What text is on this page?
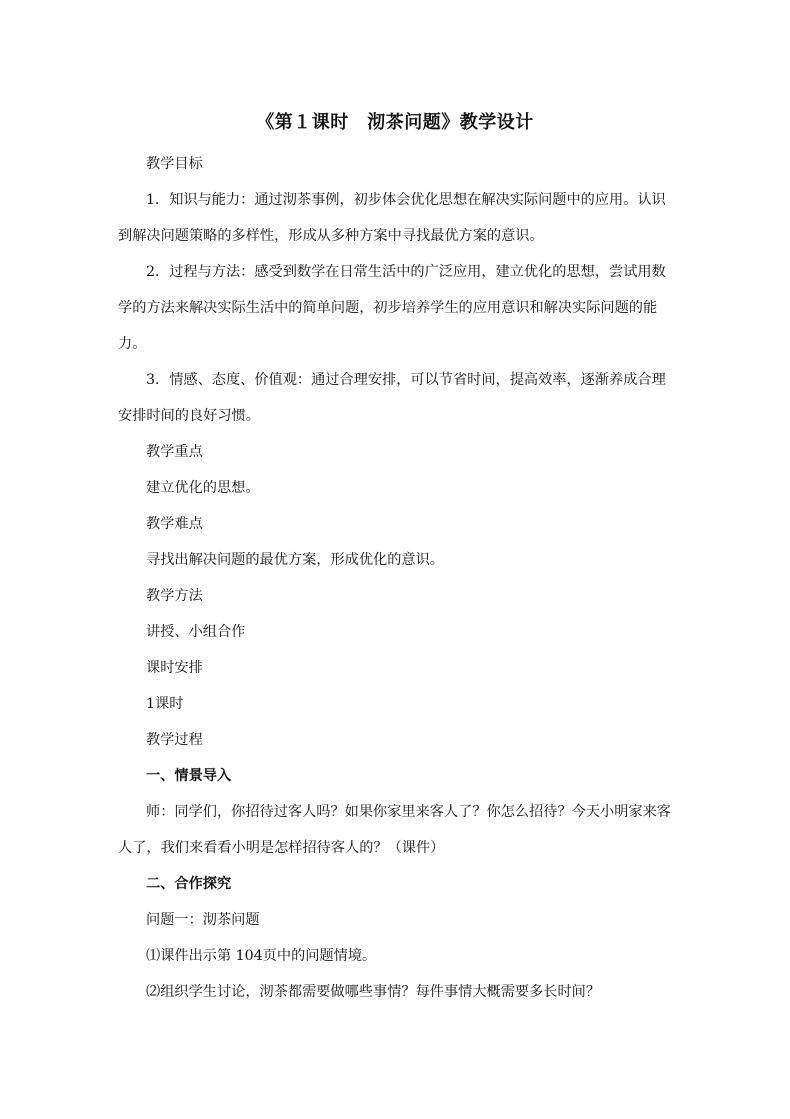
《第１课时　沏茶问题》教学设计
教学目标
1．知识与能力：通过沏茶事例，初步体会优化思想在解决实际问题中的应用。认识
到解决问题策略的多样性，形成从多种方案中寻找最优方案的意识。
2．过程与方法：感受到数学在日常生活中的广泛应用，建立优化的思想，尝试用数
学的方法来解决实际生活中的简单问题，初步培养学生的应用意识和解决实际问题的能
力。
3．情感、态度、价值观：通过合理安排，可以节省时间，提高效率，逐渐养成合理
安排时间的良好习惯。
教学重点
建立优化的思想。
教学难点
寻找出解决问题的最优方案，形成优化的意识。
教学方法
讲授、小组合作
课时安排
1课时
教学过程
一、情景导入
师：同学们，你招待过客人吗？如果你家里来客人了？你怎么招待？今天小明家来客
人了，我们来看看小明是怎样招待客人的？（课件）
二、合作探究
问题一：沏茶问题
⑴课件出示第 104页中的问题情境。
⑵组织学生讨论，沏茶都需要做哪些事情？每件事情大概需要多长时间？
